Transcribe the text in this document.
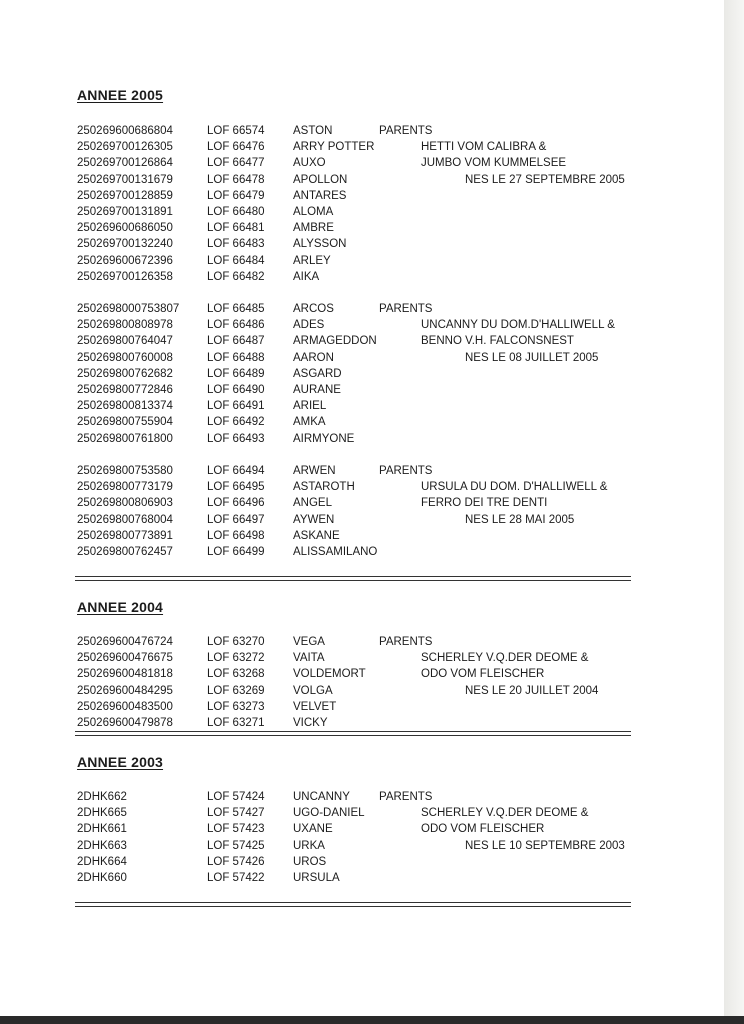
ANNEE 2005
250269600686804	LOF 66574 ASTON	PARENTS
250269700126305	LOF 66476 ARRY POTTER	HETTI VOM CALIBRA &
250269700126864	LOF 66477 AUXO	JUMBO VOM KUMMELSEE
250269700131679	LOF 66478 APOLLON	NES LE 27 SEPTEMBRE 2005
250269700128859	LOF 66479 ANTARES
250269700131891	LOF 66480 ALOMA
250269600686050	LOF 66481 AMBRE
250269700132240	LOF 66483 ALYSSON
250269600672396	LOF 66484 ARLEY
250269700126358	LOF 66482 AIKA
2502698000753807 LOF 66485 ARCOS	PARENTS
250269800808978	LOF 66486 ADES	UNCANNY DU DOM.D'HALLIWELL &
250269800764047	LOF 66487 ARMAGEDDON	BENNO V.H. FALCONSNEST
250269800760008	LOF 66488 AARON	NES LE 08 JUILLET 2005
250269800762682	LOF 66489 ASGARD
250269800772846	LOF 66490 AURANE
250269800813374	LOF 66491 ARIEL
250269800755904	LOF 66492 AMKA
250269800761800	LOF 66493 AIRMYONE
250269800753580	LOF 66494 ARWEN	PARENTS
250269800773179	LOF 66495 ASTAROTH	URSULA DU DOM. D'HALLIWELL &
250269800806903	LOF 66496 ANGEL	FERRO DEI TRE DENTI
250269800768004	LOF 66497 AYWEN	NES LE 28 MAI 2005
250269800773891	LOF 66498 ASKANE
250269800762457	LOF 66499 ALISSAMILANO
ANNEE 2004
250269600476724	LOF 63270 VEGA	PARENTS
250269600476675	LOF 63272 VAITA	SCHERLEY V.Q.DER DEOME &
250269600481818	LOF 63268 VOLDEMORT	ODO VOM FLEISCHER
250269600484295	LOF 63269 VOLGA	NES LE 20 JUILLET 2004
250269600483500	LOF 63273 VELVET
250269600479878	LOF 63271 VICKY
ANNEE 2003
2DHK662	LOF 57424 UNCANNY	PARENTS
2DHK665	LOF 57427 UGO-DANIEL	SCHERLEY V.Q.DER DEOME &
2DHK661	LOF 57423 UXANE	ODO VOM FLEISCHER
2DHK663	LOF 57425 URKA	NES LE 10 SEPTEMBRE 2003
2DHK664	LOF 57426 UROS
2DHK660	LOF 57422 URSULA
